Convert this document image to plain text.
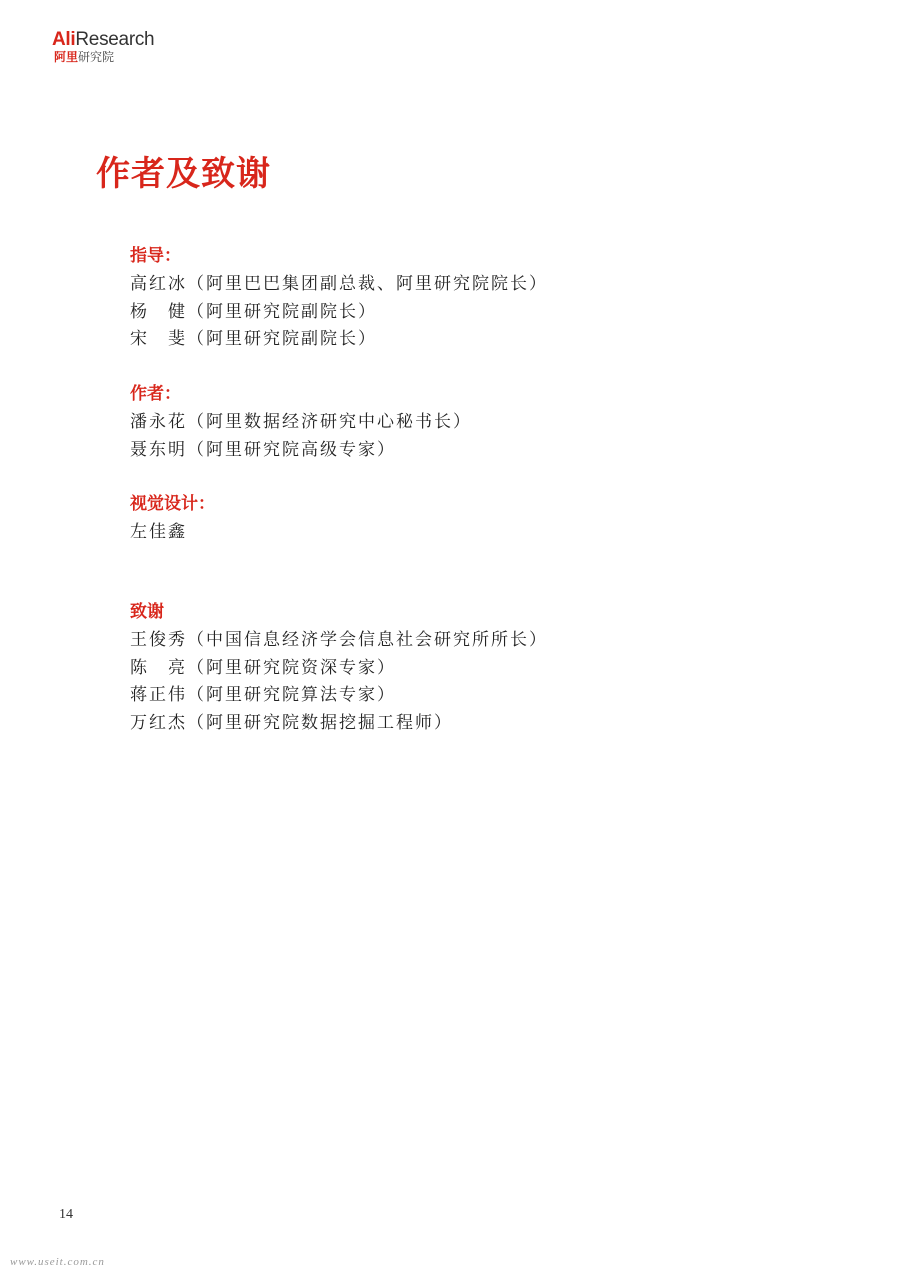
AliResearch
阿里研究院
作者及致谢
指导：
高红冰（阿里巴巴集团副总裁、阿里研究院院长）
杨　健（阿里研究院副院长）
宋　斐（阿里研究院副院长）
作者：
潘永花（阿里数据经济研究中心秘书长）
聂东明（阿里研究院高级专家）
视觉设计：
左佳鑫
致谢
王俊秀（中国信息经济学会信息社会研究所所长）
陈　亮（阿里研究院资深专家）
蒋正伟（阿里研究院算法专家）
万红杰（阿里研究院数据挖掘工程师）
14
www.useit.com.cn
